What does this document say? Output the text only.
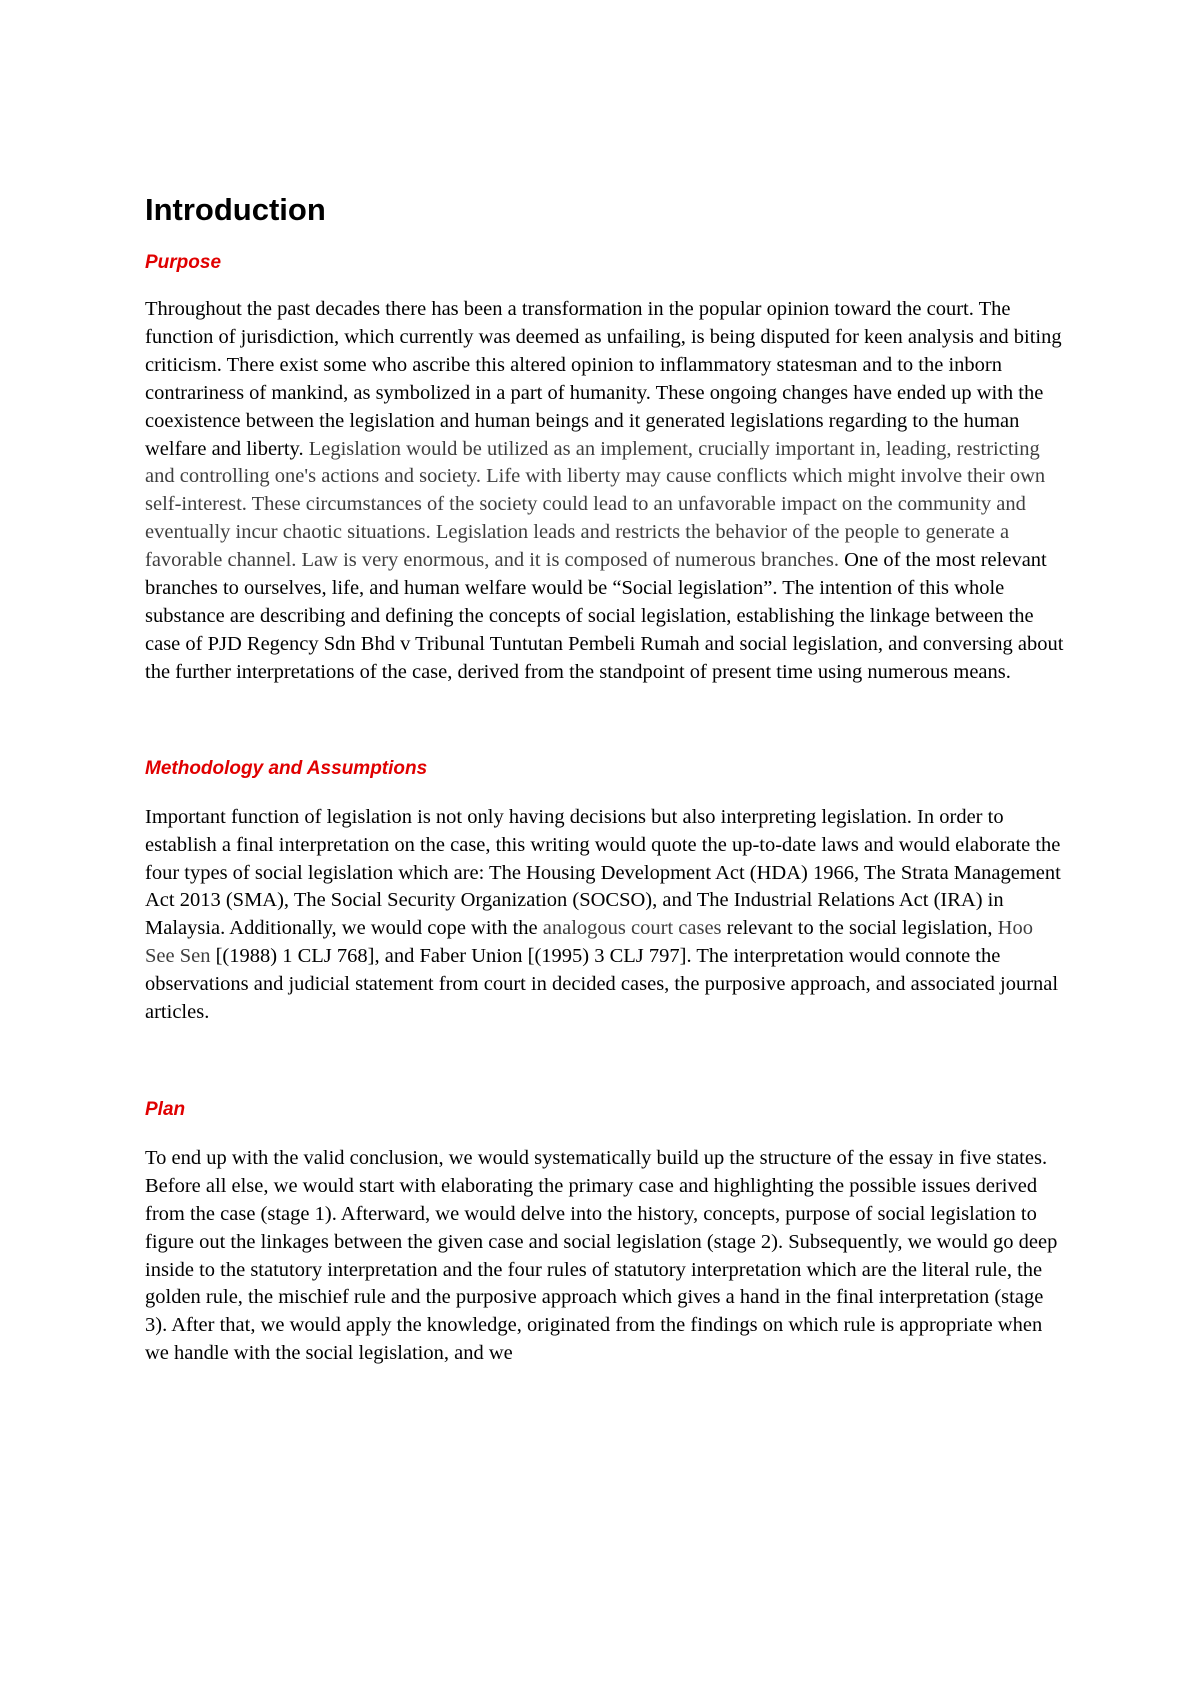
Introduction
Purpose

Throughout the past decades there has been a transformation in the popular opinion toward the court. The function of jurisdiction, which currently was deemed as unfailing, is being disputed for keen analysis and biting criticism. There exist some who ascribe this altered opinion to inflammatory statesman and to the inborn contrariness of mankind, as symbolized in a part of humanity. These ongoing changes have ended up with the coexistence between the legislation and human beings and it generated legislations regarding to the human welfare and liberty. Legislation would be utilized as an implement, crucially important in, leading, restricting and controlling one's actions and society. Life with liberty may cause conflicts which might involve their own self-interest. These circumstances of the society could lead to an unfavorable impact on the community and eventually incur chaotic situations. Legislation leads and restricts the behavior of the people to generate a favorable channel. Law is very enormous, and it is composed of numerous branches. One of the most relevant branches to ourselves, life, and human welfare would be “Social legislation”. The intention of this whole substance are describing and defining the concepts of social legislation, establishing the linkage between the case of PJD Regency Sdn Bhd v Tribunal Tuntutan Pembeli Rumah and social legislation, and conversing about the further interpretations of the case, derived from the standpoint of present time using numerous means.

Methodology and Assumptions

Important function of legislation is not only having decisions but also interpreting legislation. In order to establish a final interpretation on the case, this writing would quote the up-to-date laws and would elaborate the four types of social legislation which are: The Housing Development Act (HDA) 1966, The Strata Management Act 2013 (SMA), The Social Security Organization (SOCSO), and The Industrial Relations Act (IRA) in Malaysia. Additionally, we would cope with the analogous court cases relevant to the social legislation, Hoo See Sen [(1988) 1 CLJ 768], and Faber Union [(1995) 3 CLJ 797]. The interpretation would connote the observations and judicial statement from court in decided cases, the purposive approach, and associated journal articles.

Plan

To end up with the valid conclusion, we would systematically build up the structure of the essay in five states. Before all else, we would start with elaborating the primary case and highlighting the possible issues derived from the case (stage 1). Afterward, we would delve into the history, concepts, purpose of social legislation to figure out the linkages between the given case and social legislation (stage 2). Subsequently, we would go deep inside to the statutory interpretation and the four rules of statutory interpretation which are the literal rule, the golden rule, the mischief rule and the purposive approach which gives a hand in the final interpretation (stage 3). After that, we would apply the knowledge, originated from the findings on which rule is appropriate when we handle with the social legislation, and we
